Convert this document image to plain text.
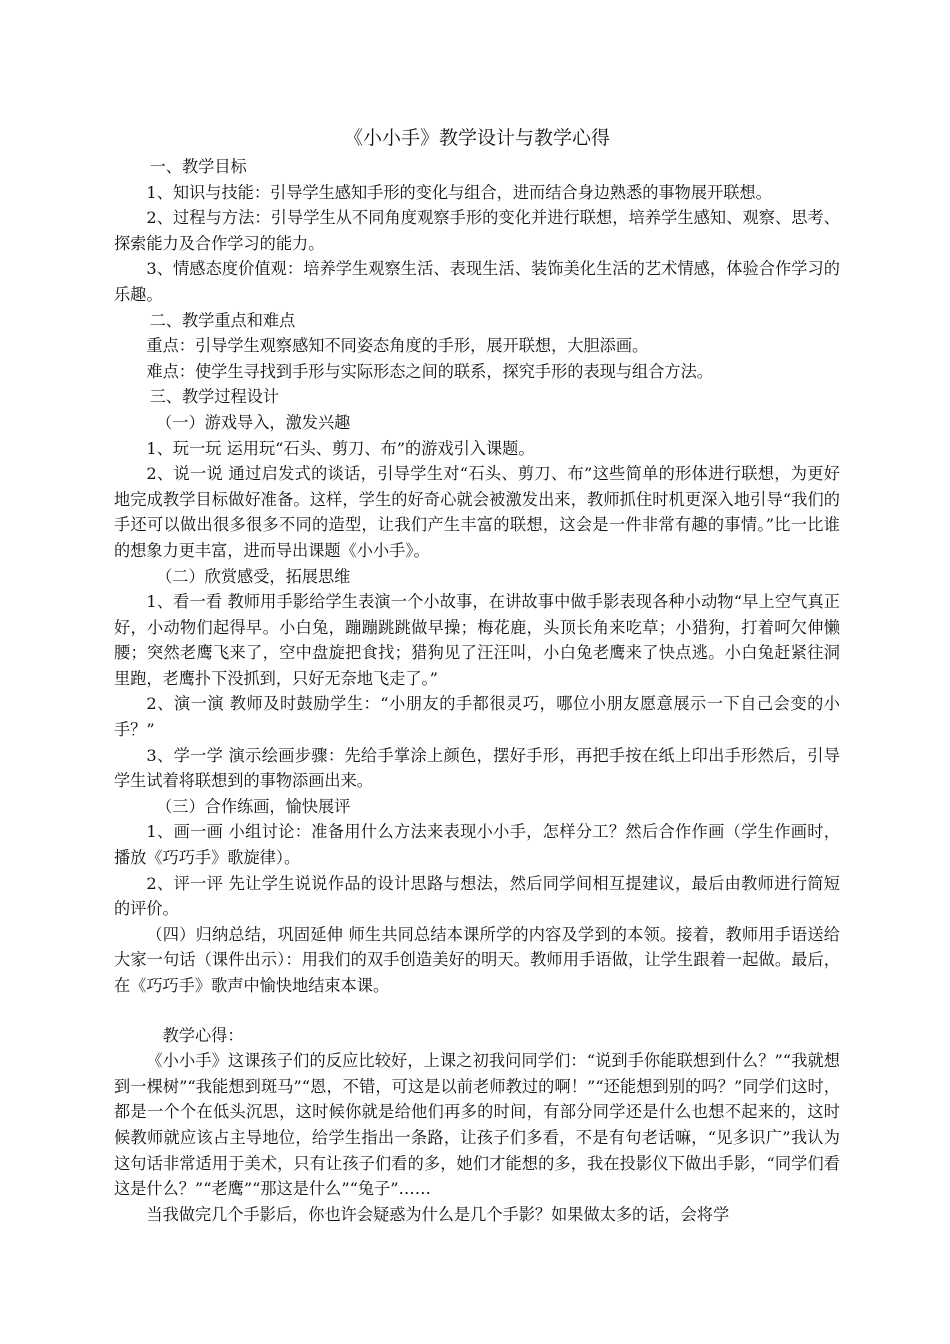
《小小手》教学设计与教学心得
一、教学目标
1、知识与技能：引导学生感知手形的变化与组合，进而结合身边熟悉的事物展开联想。
2、过程与方法：引导学生从不同角度观察手形的变化并进行联想，培养学生感知、观察、思考、探索能力及合作学习的能力。
3、情感态度价值观：培养学生观察生活、表现生活、装饰美化生活的艺术情感，体验合作学习的乐趣。
二、教学重点和难点
重点：引导学生观察感知不同姿态角度的手形，展开联想，大胆添画。
难点：使学生寻找到手形与实际形态之间的联系，探究手形的表现与组合方法。
三、教学过程设计
（一）游戏导入，激发兴趣
1、玩一玩 运用玩“石头、剪刀、布”的游戏引入课题。
2、说一说 通过启发式的谈话，引导学生对“石头、剪刀、布”这些简单的形体进行联想，为更好地完成教学目标做好准备。这样，学生的好奇心就会被激发出来，教师抓住时机更深入地引导“我们的手还可以做出很多很多不同的造型，让我们产生丰富的联想，这会是一件非常有趣的事情。”比一比谁的想象力更丰富，进而导出课题《小小手》。
（二）欣赏感受，拓展思维
1、看一看 教师用手影给学生表演一个小故事，在讲故事中做手影表现各种小动物“早上空气真正好，小动物们起得早。小白兔，蹦蹦跳跳做早操；梅花鹿，头顶长角来吃草；小猎狗，打着呵欠伸懒腰；突然老鹰飞来了，空中盘旋把食找；猎狗见了汪汪叫，小白兔老鹰来了快点逃。小白兔赶紧往洞里跑，老鹰扑下没抓到，只好无奈地飞走了。”
2、演一演 教师及时鼓励学生：“小朋友的手都很灵巧，哪位小朋友愿意展示一下自己会变的小手？”
3、学一学 演示绘画步骤：先给手掌涂上颜色，摆好手形，再把手按在纸上印出手形然后，引导学生试着将联想到的事物添画出来。
（三）合作练画，愉快展评
1、画一画 小组讨论：准备用什么方法来表现小小手，怎样分工？然后合作作画（学生作画时，播放《巧巧手》歌旋律）。
2、评一评 先让学生说说作品的设计思路与想法，然后同学间相互提建议，最后由教师进行简短的评价。
（四）归纳总结，巩固延伸 师生共同总结本课所学的内容及学到的本领。接着，教师用手语送给大家一句话（课件出示）：用我们的双手创造美好的明天。教师用手语做，让学生跟着一起做。最后，在《巧巧手》歌声中愉快地结束本课。
教学心得：
《小小手》这课孩子们的反应比较好，上课之初我问同学们：“说到手你能联想到什么？”“我就想到一棵树”“我能想到斑马”“恩，不错，可这是以前老师教过的啊！”“还能想到别的吗？”同学们这时，都是一个个在低头沉思，这时候你就是给他们再多的时间，有部分同学还是什么也想不起来的，这时候教师就应该占主导地位，给学生指出一条路，让孩子们多看，不是有句老话嘛，“见多识广”我认为这句话非常适用于美术，只有让孩子们看的多，她们才能想的多，我在投影仪下做出手影，“同学们看这是什么？”“老鹰”“那这是什么”“兔子”……
当我做完几个手影后，你也许会疑惑为什么是几个手影？如果做太多的话，会将学
